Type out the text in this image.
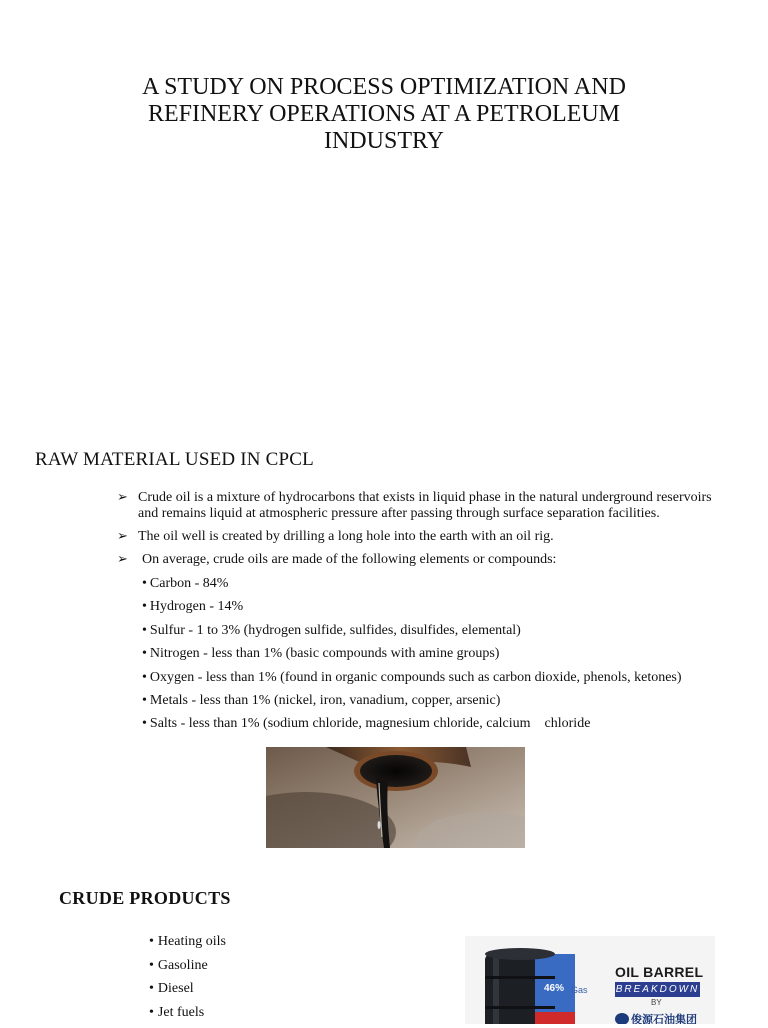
A STUDY ON PROCESS OPTIMIZATION AND
REFINERY OPERATIONS AT A PETROLEUM
INDUSTRY
RAW MATERIAL USED IN CPCL
➢ Crude oil is a mixture of hydrocarbons that exists in liquid phase in the natural underground reservoirs and remains liquid at atmospheric pressure after passing through surface separation facilities.
➢ The oil well is created by drilling a long hole into the earth with an oil rig.
➢ On average, crude oils are made of the following elements or compounds:
• Carbon - 84%
• Hydrogen - 14%
• Sulfur - 1 to 3% (hydrogen sulfide, sulfides, disulfides, elemental)
• Nitrogen - less than 1% (basic compounds with amine groups)
• Oxygen - less than 1% (found in organic compounds such as carbon dioxide, phenols, ketones)
• Metals - less than 1% (nickel, iron, vanadium, copper, arsenic)
• Salts - less than 1% (sodium chloride, magnesium chloride, calcium    chloride
CRUDE PRODUCTS
• Heating oils
• Gasoline
• Diesel
• Jet fuels
46% Gas
OIL BARREL
BREAKDOWN
BY
俊源石油集团
